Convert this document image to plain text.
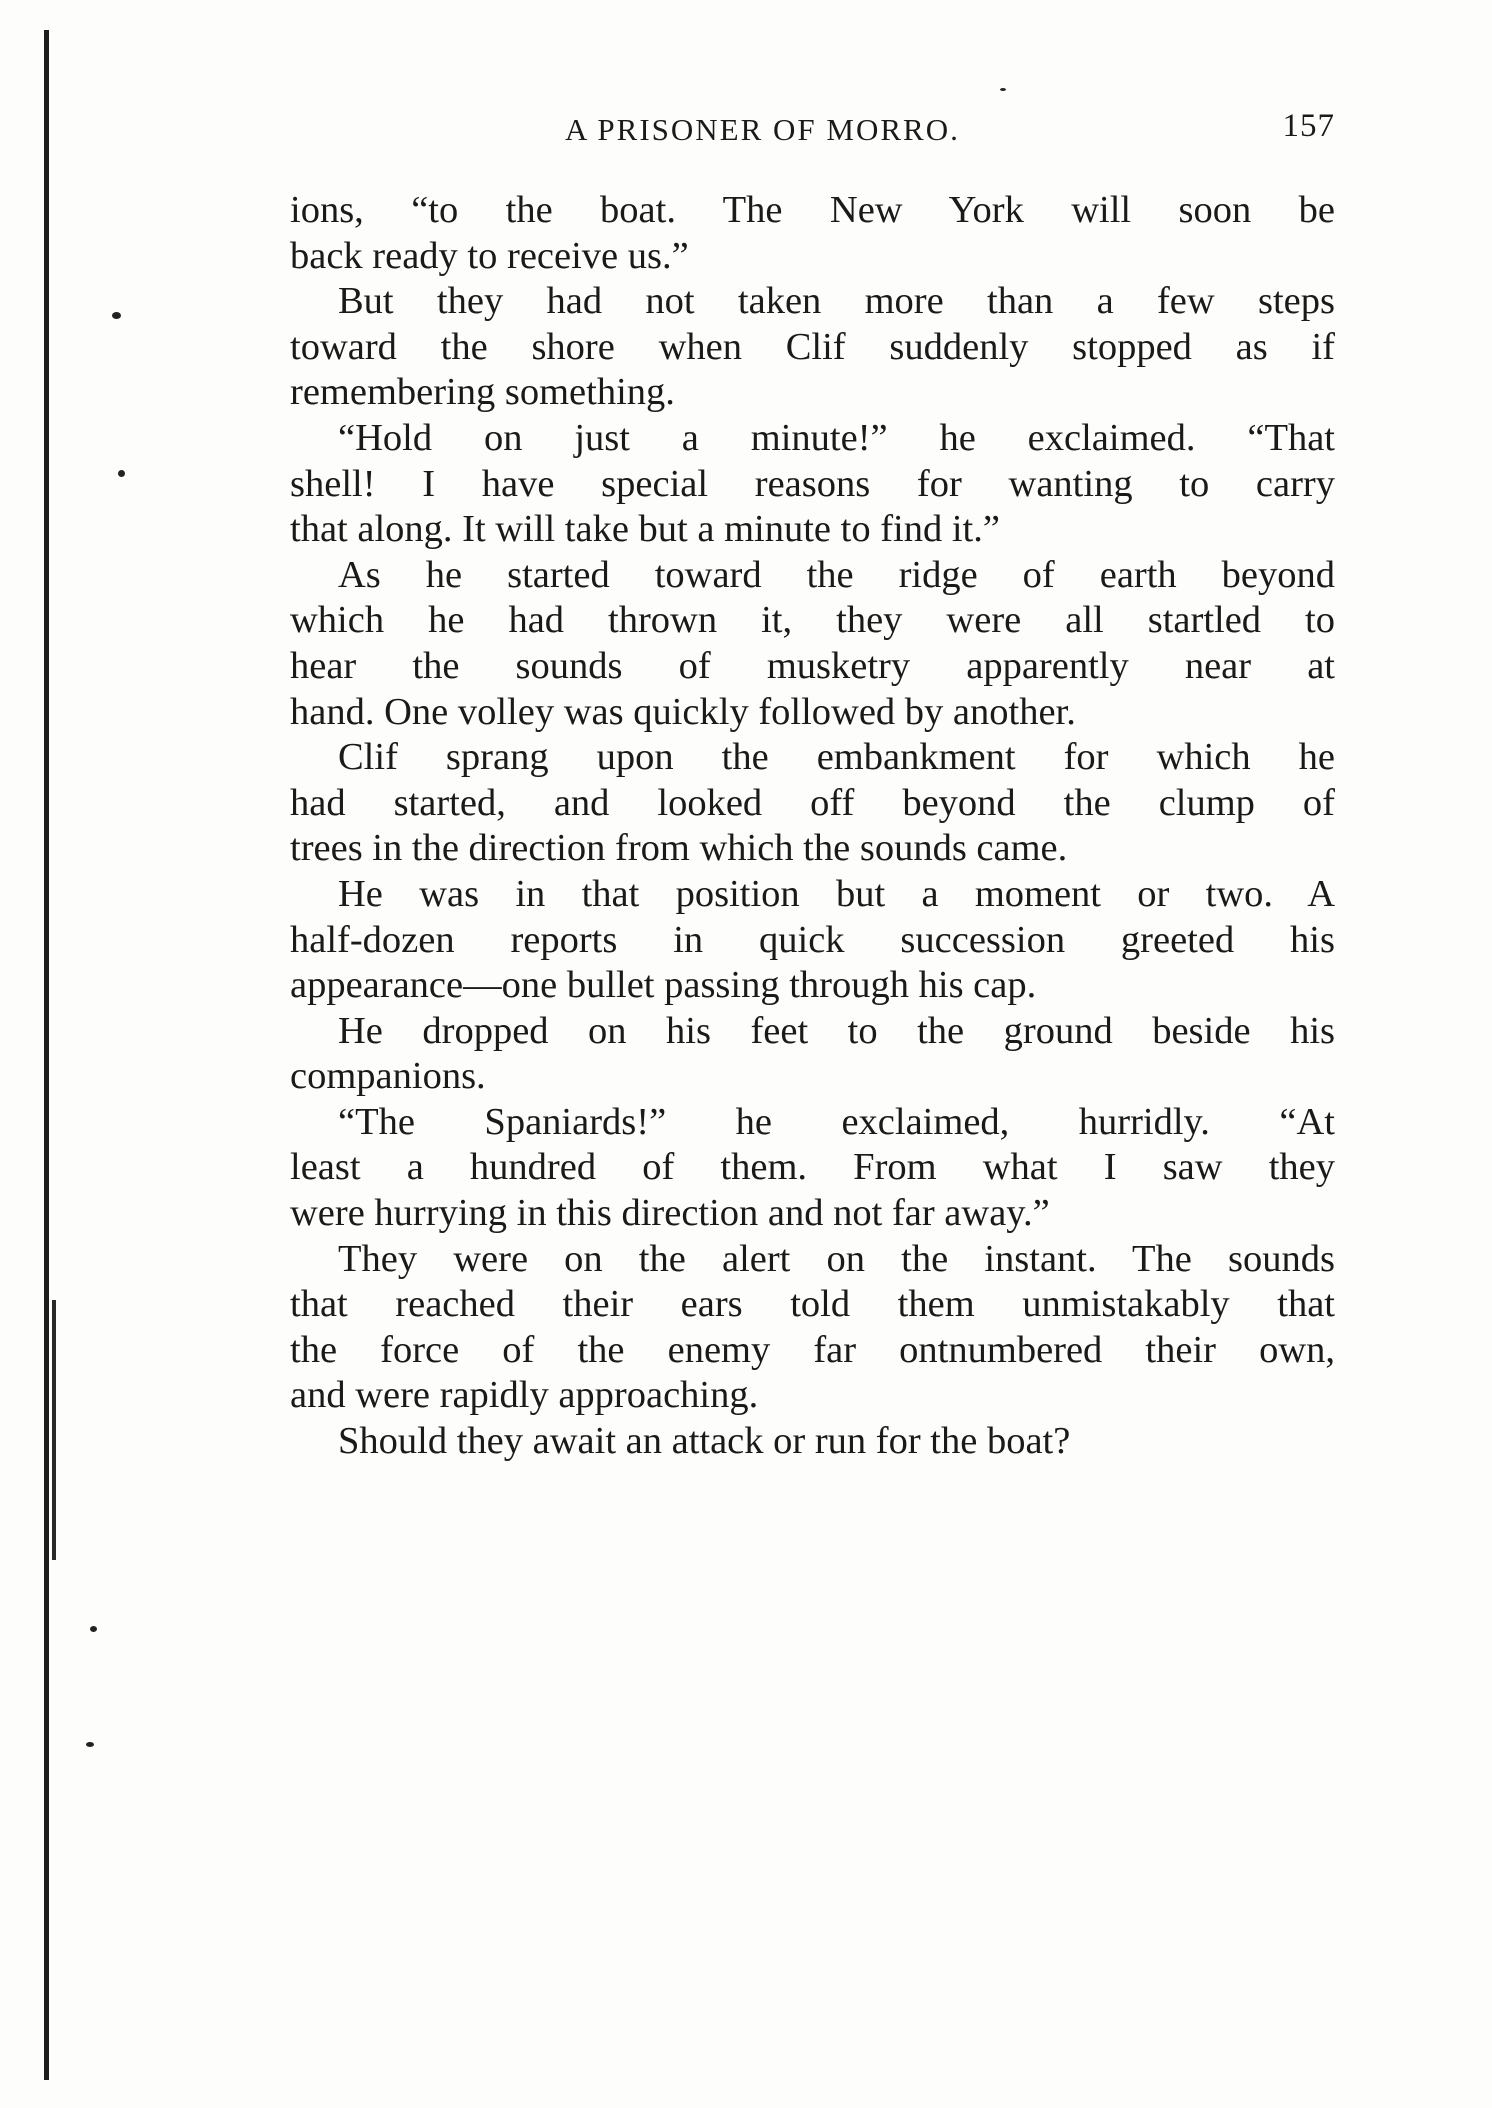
A PRISONER OF MORRO.	157

ions, “to the boat. The New York will soon be

back ready to receive us.”

But they had not taken more than a few steps

toward the shore when Clif suddenly stopped as if

remembering something.

“Hold on just a minute!” he exclaimed. “That

shell! I have special reasons for wanting to carry

that along. It will take but a minute to find it.”

As he started toward the ridge of earth beyond

which he had thrown it, they were all startled to

hear the sounds of musketry apparently near at

hand. One volley was quickly followed by another.

Clif sprang upon the embankment for which he

had started, and looked off beyond the clump of

trees in the direction from which the sounds came.

He was in that position but a moment or two. A

half-dozen reports in quick succession greeted his

appearance—one bullet passing through his cap.

He dropped on his feet to the ground beside his

companions.

“The Spaniards!” he exclaimed, hurridly. “At

least a hundred of them. From what I saw they

were hurrying in this direction and not far away.”

They were on the alert on the instant. The sounds

that reached their ears told them unmistakably that

the force of the enemy far ontnumbered their own,

and were rapidly approaching.

Should they await an attack or run for the boat?
